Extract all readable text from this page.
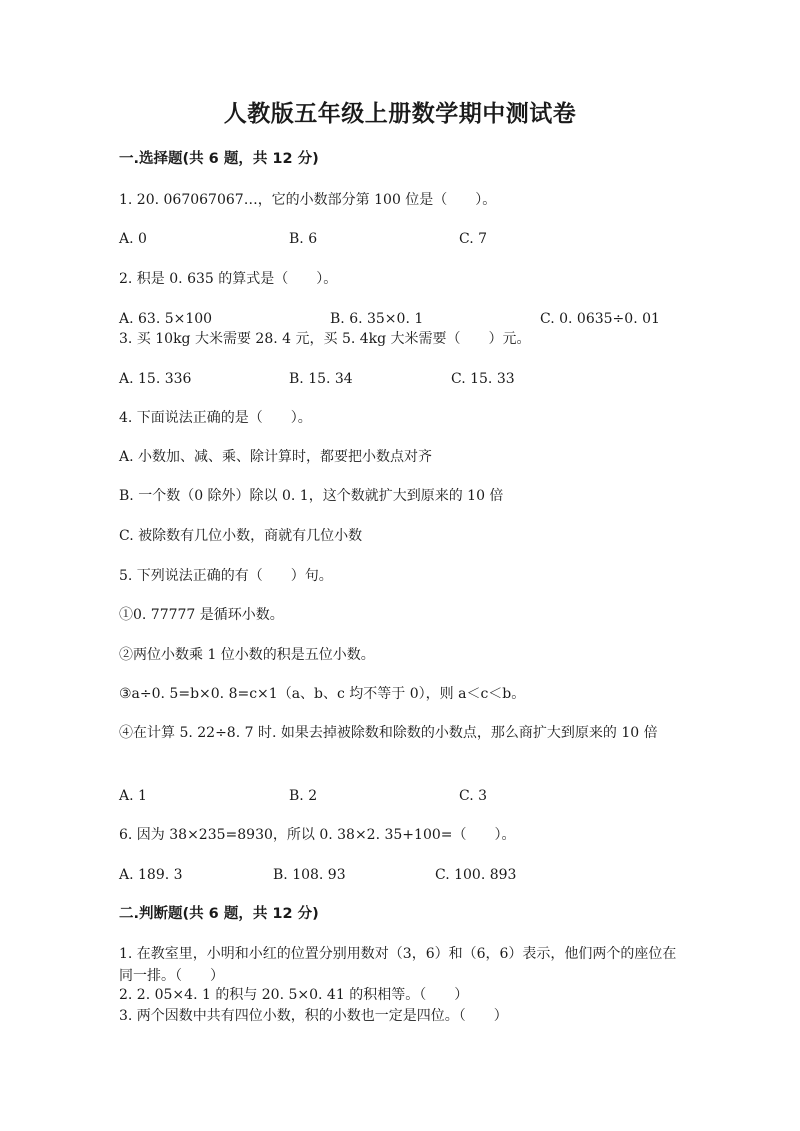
人教版五年级上册数学期中测试卷
一.选择题(共 6 题，共 12 分)
1. 20. 067067067…，它的小数部分第 100 位是（　　）。
A. 0	B. 6	C. 7
2. 积是 0. 635 的算式是（　　）。
A. 63. 5×100	B. 6. 35×0. 1	C. 0. 0635÷0. 01
3. 买 10kg 大米需要 28. 4 元，买 5. 4kg 大米需要（　　）元。
A. 15. 336	B. 15. 34	C. 15. 33
4. 下面说法正确的是（　　）。
A. 小数加、减、乘、除计算时，都要把小数点对齐
B. 一个数（0 除外）除以 0. 1，这个数就扩大到原来的 10 倍
C. 被除数有几位小数，商就有几位小数
5. 下列说法正确的有（　　）句。
①0. 77777 是循环小数。
②两位小数乘 1 位小数的积是五位小数。
③a÷0. 5=b×0. 8=c×1（a、b、c 均不等于 0），则 a＜c＜b。
④在计算 5. 22÷8. 7 时. 如果去掉被除数和除数的小数点，那么商扩大到原来的 10 倍
A. 1	B. 2	C. 3
6. 因为 38×235=8930，所以 0. 38×2. 35+100=（　　）。
A. 189. 3	B. 108. 93	C. 100. 893
二.判断题(共 6 题，共 12 分)
1. 在教室里，小明和小红的位置分别用数对（3，6）和（6，6）表示，他们两个的座位在同一排。（　　）
2. 2. 05×4. 1 的积与 20. 5×0. 41 的积相等。（　　）
3. 两个因数中共有四位小数，积的小数也一定是四位。（　　）
